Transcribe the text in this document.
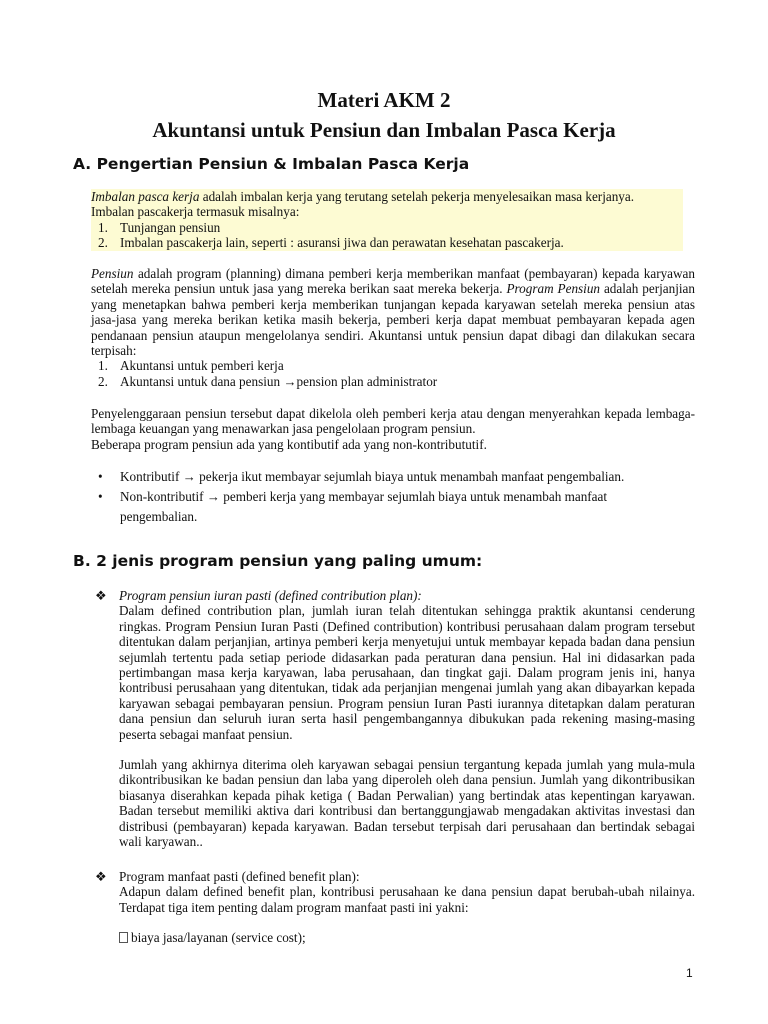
Materi AKM 2
Akuntansi untuk Pensiun dan Imbalan Pasca Kerja
A. Pengertian Pensiun & Imbalan Pasca Kerja

Imbalan pasca kerja adalah imbalan kerja yang terutang setelah pekerja menyelesaikan masa kerjanya.

Imbalan pascakerja termasuk misalnya:

1. Tunjangan pensiun
2. Imbalan pascakerja lain, seperti : asuransi jiwa dan perawatan kesehatan pascakerja.

Pensiun adalah program (planning) dimana pemberi kerja memberikan manfaat (pembayaran) kepada karyawan setelah mereka pensiun untuk jasa yang mereka berikan saat mereka bekerja. Program Pensiun adalah perjanjian yang menetapkan bahwa pemberi kerja memberikan tunjangan kepada karyawan setelah mereka pensiun atas jasa-jasa yang mereka berikan ketika masih bekerja, pemberi kerja dapat membuat pembayaran kepada agen pendanaan pensiun ataupun mengelolanya sendiri. Akuntansi untuk pensiun dapat dibagi dan dilakukan secara terpisah:

1. Akuntansi untuk pemberi kerja
2. Akuntansi untuk dana pensiun →pension plan administrator

Penyelenggaraan pensiun tersebut dapat dikelola oleh pemberi kerja atau dengan menyerahkan kepada lembaga-lembaga keuangan yang menawarkan jasa pengelolaan program pensiun.

Beberapa program pensiun ada yang kontibutif ada yang non-kontribututif.

• Kontributif → pekerja ikut membayar sejumlah biaya untuk menambah manfaat pengembalian.
• Non-kontributif → pemberi kerja yang membayar sejumlah biaya untuk menambah manfaat pengembalian.
B. 2 jenis program pensiun yang paling umum:
❖ Program pensiun iuran pasti (defined contribution plan):

Dalam defined contribution plan, jumlah iuran telah ditentukan sehingga praktik akuntansi cenderung ringkas. Program Pensiun Iuran Pasti (Defined contribution) kontribusi perusahaan dalam program tersebut ditentukan dalam perjanjian, artinya pemberi kerja menyetujui untuk membayar kepada badan dana pensiun sejumlah tertentu pada setiap periode didasarkan pada peraturan dana pensiun. Hal ini didasarkan pada pertimbangan masa kerja karyawan, laba perusahaan, dan tingkat gaji. Dalam program jenis ini, hanya kontribusi perusahaan yang ditentukan, tidak ada perjanjian mengenai jumlah yang akan dibayarkan kepada karyawan sebagai pembayaran pensiun. Program pensiun Iuran Pasti iurannya ditetapkan dalam peraturan dana pensiun dan seluruh iuran serta hasil pengembangannya dibukukan pada rekening masing-masing peserta sebagai manfaat pensiun.

Jumlah yang akhirnya diterima oleh karyawan sebagai pensiun tergantung kepada jumlah yang mula-mula dikontribusikan ke badan pensiun dan laba yang diperoleh oleh dana pensiun. Jumlah yang dikontribusikan biasanya diserahkan kepada pihak ketiga ( Badan Perwalian) yang bertindak atas kepentingan karyawan. Badan tersebut memiliki aktiva dari kontribusi dan bertanggungjawab mengadakan aktivitas investasi dan distribusi (pembayaran) kepada karyawan. Badan tersebut terpisah dari perusahaan dan bertindak sebagai wali karyawan..

❖ Program manfaat pasti (defined benefit plan):

Adapun dalam defined benefit plan, kontribusi perusahaan ke dana pensiun dapat berubah-ubah nilainya. Terdapat tiga item penting dalam program manfaat pasti ini yakni:

biaya jasa/layanan (service cost);

1
